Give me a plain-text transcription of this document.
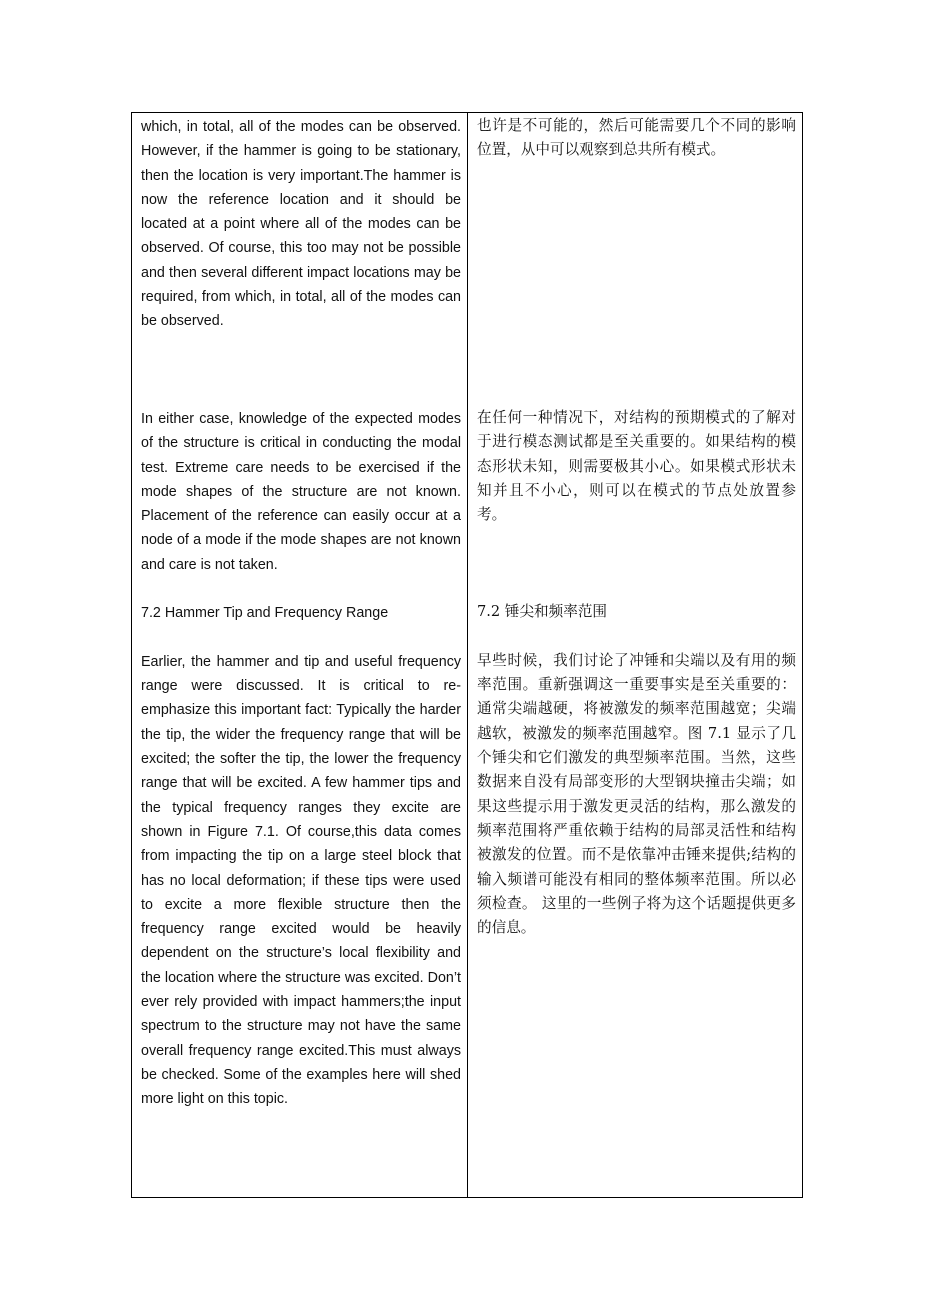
which, in total, all of the modes can be observed. However, if the hammer is going to be stationary, then the location is very important.The hammer is now the reference location and it should be located at a point where all of the modes can be observed. Of course, this too may not be possible and then several different impact locations may be required, from which, in total, all of the modes can be observed.

In either case, knowledge of the expected modes of the structure is critical in conducting the modal test. Extreme care needs to be exercised if the mode shapes of the structure are not known. Placement of the reference can easily occur at a node of a mode if the mode shapes are not known and care is not taken.

7.2 Hammer Tip and Frequency Range

Earlier, the hammer and tip and useful frequency range were discussed. It is critical to re-emphasize this important fact: Typically the harder the tip, the wider the frequency range that will be excited; the softer the tip, the lower the frequency range that will be excited. A few hammer tips and the typical frequency ranges they excite are shown in Figure 7.1. Of course,this data comes from impacting the tip on a large steel block that has no local deformation; if these tips were used to excite a more flexible structure then the frequency range excited would be heavily dependent on the structure’s local flexibility and the location where the structure was excited. Don’t ever rely provided with impact hammers;the input spectrum to the structure may not have the same overall frequency range excited.This must always be checked. Some of the examples here will shed more light on this topic.

也许是不可能的，然后可能需要几个不同的影响位置，从中可以观察到总共所有模式。

在任何一种情况下，对结构的预期模式的了解对于进行模态测试都是至关重要的。如果结构的模态形状未知，则需要极其小心。如果模式形状未知并且不小心，则可以在模式的节点处放置参考。

7.2 锤尖和频率范围

早些时候，我们讨论了冲锤和尖端以及有用的频率范围。重新强调这一重要事实是至关重要的：通常尖端越硬，将被激发的频率范围越宽；尖端越软，被激发的频率范围越窄。图 7.1 显示了几个锤尖和它们激发的典型频率范围。当然，这些数据来自没有局部变形的大型钢块撞击尖端；如果这些提示用于激发更灵活的结构，那么激发的频率范围将严重依赖于结构的局部灵活性和结构被激发的位置。而不是依靠冲击锤来提供;结构的输入频谱可能没有相同的整体频率范围。所以必须检查。 这里的一些例子将为这个话题提供更多的信息。
